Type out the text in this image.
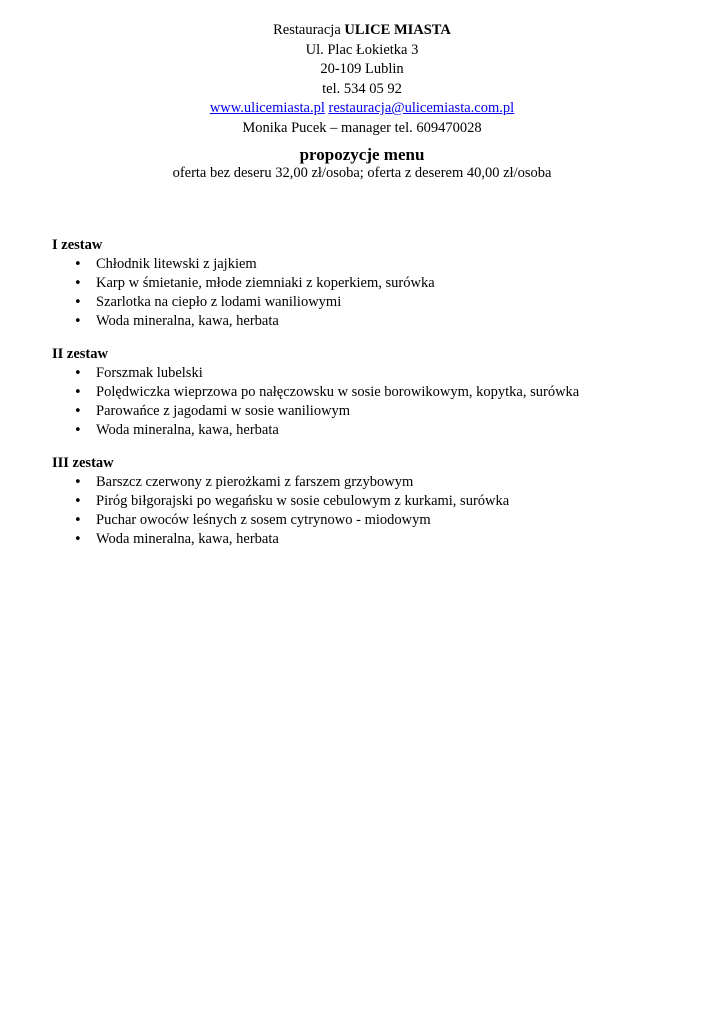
Restauracja ULICE MIASTA
Ul. Plac Łokietka 3
20-109 Lublin
tel. 534 05 92
www.ulicemiasta.pl restauracja@ulicemiasta.com.pl
Monika Pucek – manager tel. 609470028
propozycje menu
oferta bez deseru 32,00 zł/osoba; oferta z deserem 40,00 zł/osoba
I zestaw
• Chłodnik litewski z jajkiem
• Karp w śmietanie, młode ziemniaki z koperkiem, surówka
• Szarlotka na ciepło z lodami waniliowymi
• Woda mineralna, kawa, herbata
II zestaw
• Forszmak lubelski
• Polędwiczka wieprzowa po nałęczowsku w sosie borowikowym, kopytka, surówka
• Parowańce z jagodami w sosie waniliowym
• Woda mineralna, kawa, herbata
III zestaw
• Barszcz czerwony z pierożkami z farszem grzybowym
• Piróg biłgorajski po wegańsku w sosie cebulowym z kurkami, surówka
• Puchar owoców leśnych z sosem cytrynowo - miodowym
• Woda mineralna, kawa, herbata
